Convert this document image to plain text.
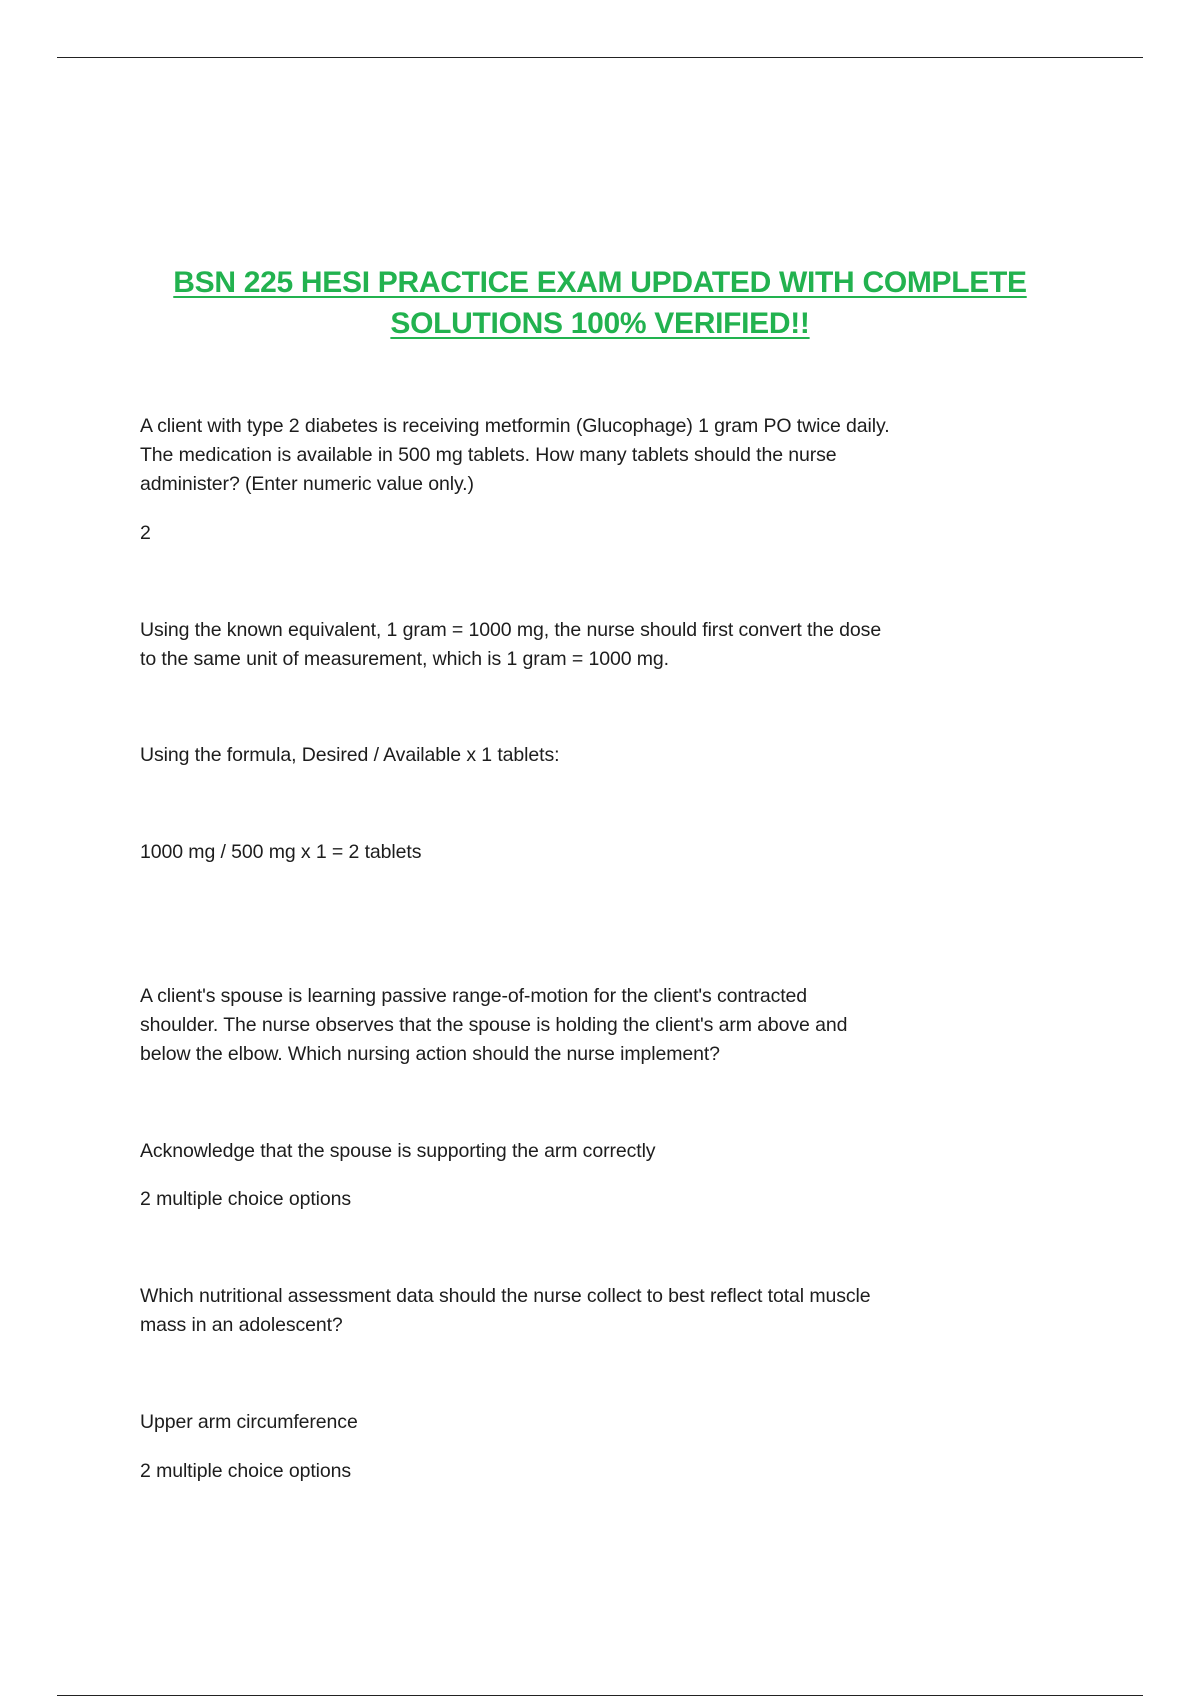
BSN 225 HESI PRACTICE EXAM UPDATED WITH COMPLETE
SOLUTIONS 100% VERIFIED!!
A client with type 2 diabetes is receiving metformin (Glucophage) 1 gram PO twice daily.
The medication is available in 500 mg tablets. How many tablets should the nurse
administer? (Enter numeric value only.)
2
Using the known equivalent, 1 gram = 1000 mg, the nurse should first convert the dose
to the same unit of measurement, which is 1 gram = 1000 mg.
Using the formula, Desired / Available x 1 tablets:
1000 mg / 500 mg x 1 = 2 tablets
A client's spouse is learning passive range-of-motion for the client's contracted
shoulder. The nurse observes that the spouse is holding the client's arm above and
below the elbow. Which nursing action should the nurse implement?
Acknowledge that the spouse is supporting the arm correctly
2 multiple choice options
Which nutritional assessment data should the nurse collect to best reflect total muscle
mass in an adolescent?
Upper arm circumference
2 multiple choice options
